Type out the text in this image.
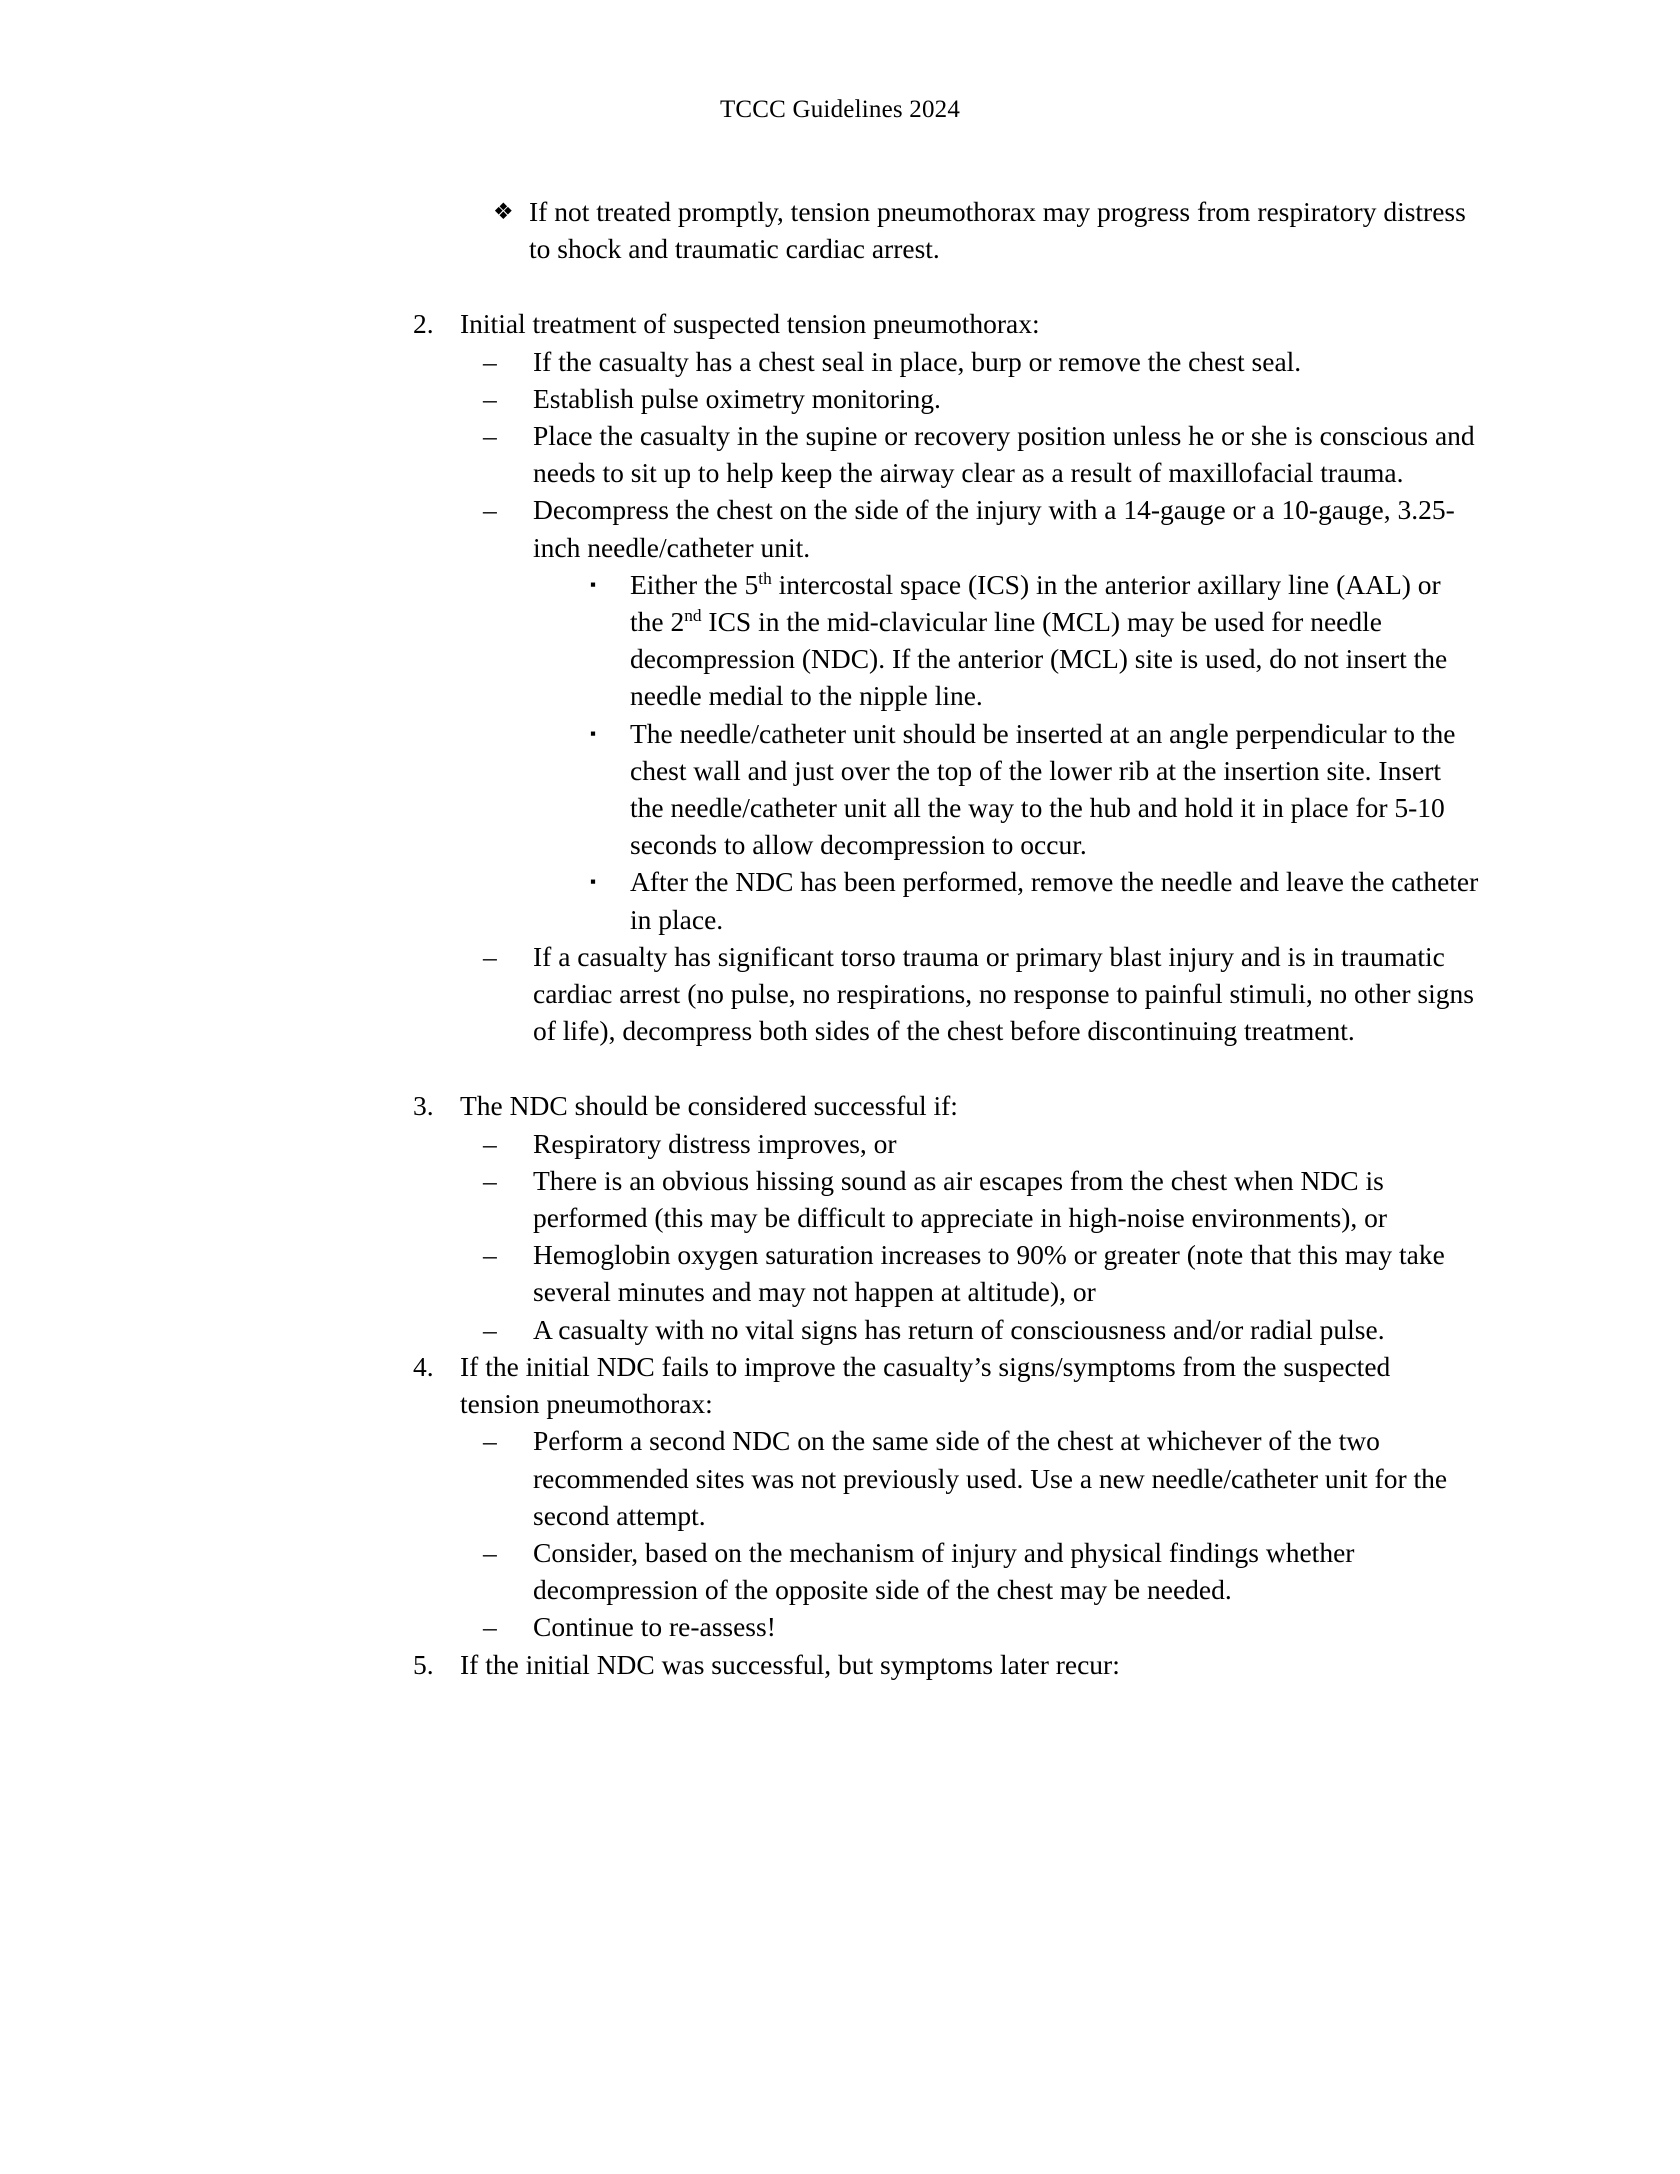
TCCC Guidelines 2024
❖ If not treated promptly, tension pneumothorax may progress from respiratory distress to shock and traumatic cardiac arrest.
2. Initial treatment of suspected tension pneumothorax:
–	If the casualty has a chest seal in place, burp or remove the chest seal.
–	Establish pulse oximetry monitoring.
–	Place the casualty in the supine or recovery position unless he or she is conscious and needs to sit up to help keep the airway clear as a result of maxillofacial trauma.
–	Decompress the chest on the side of the injury with a 14-gauge or a 10-gauge, 3.25-inch needle/catheter unit.
▪	Either the 5th intercostal space (ICS) in the anterior axillary line (AAL) or the 2nd ICS in the mid-clavicular line (MCL) may be used for needle decompression (NDC). If the anterior (MCL) site is used, do not insert the needle medial to the nipple line.
▪	The needle/catheter unit should be inserted at an angle perpendicular to the chest wall and just over the top of the lower rib at the insertion site. Insert the needle/catheter unit all the way to the hub and hold it in place for 5-10 seconds to allow decompression to occur.
▪	After the NDC has been performed, remove the needle and leave the catheter in place.
–	If a casualty has significant torso trauma or primary blast injury and is in traumatic cardiac arrest (no pulse, no respirations, no response to painful stimuli, no other signs of life), decompress both sides of the chest before discontinuing treatment.
3. The NDC should be considered successful if:
–	Respiratory distress improves, or
–	There is an obvious hissing sound as air escapes from the chest when NDC is performed (this may be difficult to appreciate in high-noise environments), or
–	Hemoglobin oxygen saturation increases to 90% or greater (note that this may take several minutes and may not happen at altitude), or
–	A casualty with no vital signs has return of consciousness and/or radial pulse.
4. If the initial NDC fails to improve the casualty’s signs/symptoms from the suspected tension pneumothorax:
–	Perform a second NDC on the same side of the chest at whichever of the two recommended sites was not previously used. Use a new needle/catheter unit for the second attempt.
–	Consider, based on the mechanism of injury and physical findings whether decompression of the opposite side of the chest may be needed.
–	Continue to re-assess!
5. If the initial NDC was successful, but symptoms later recur:
